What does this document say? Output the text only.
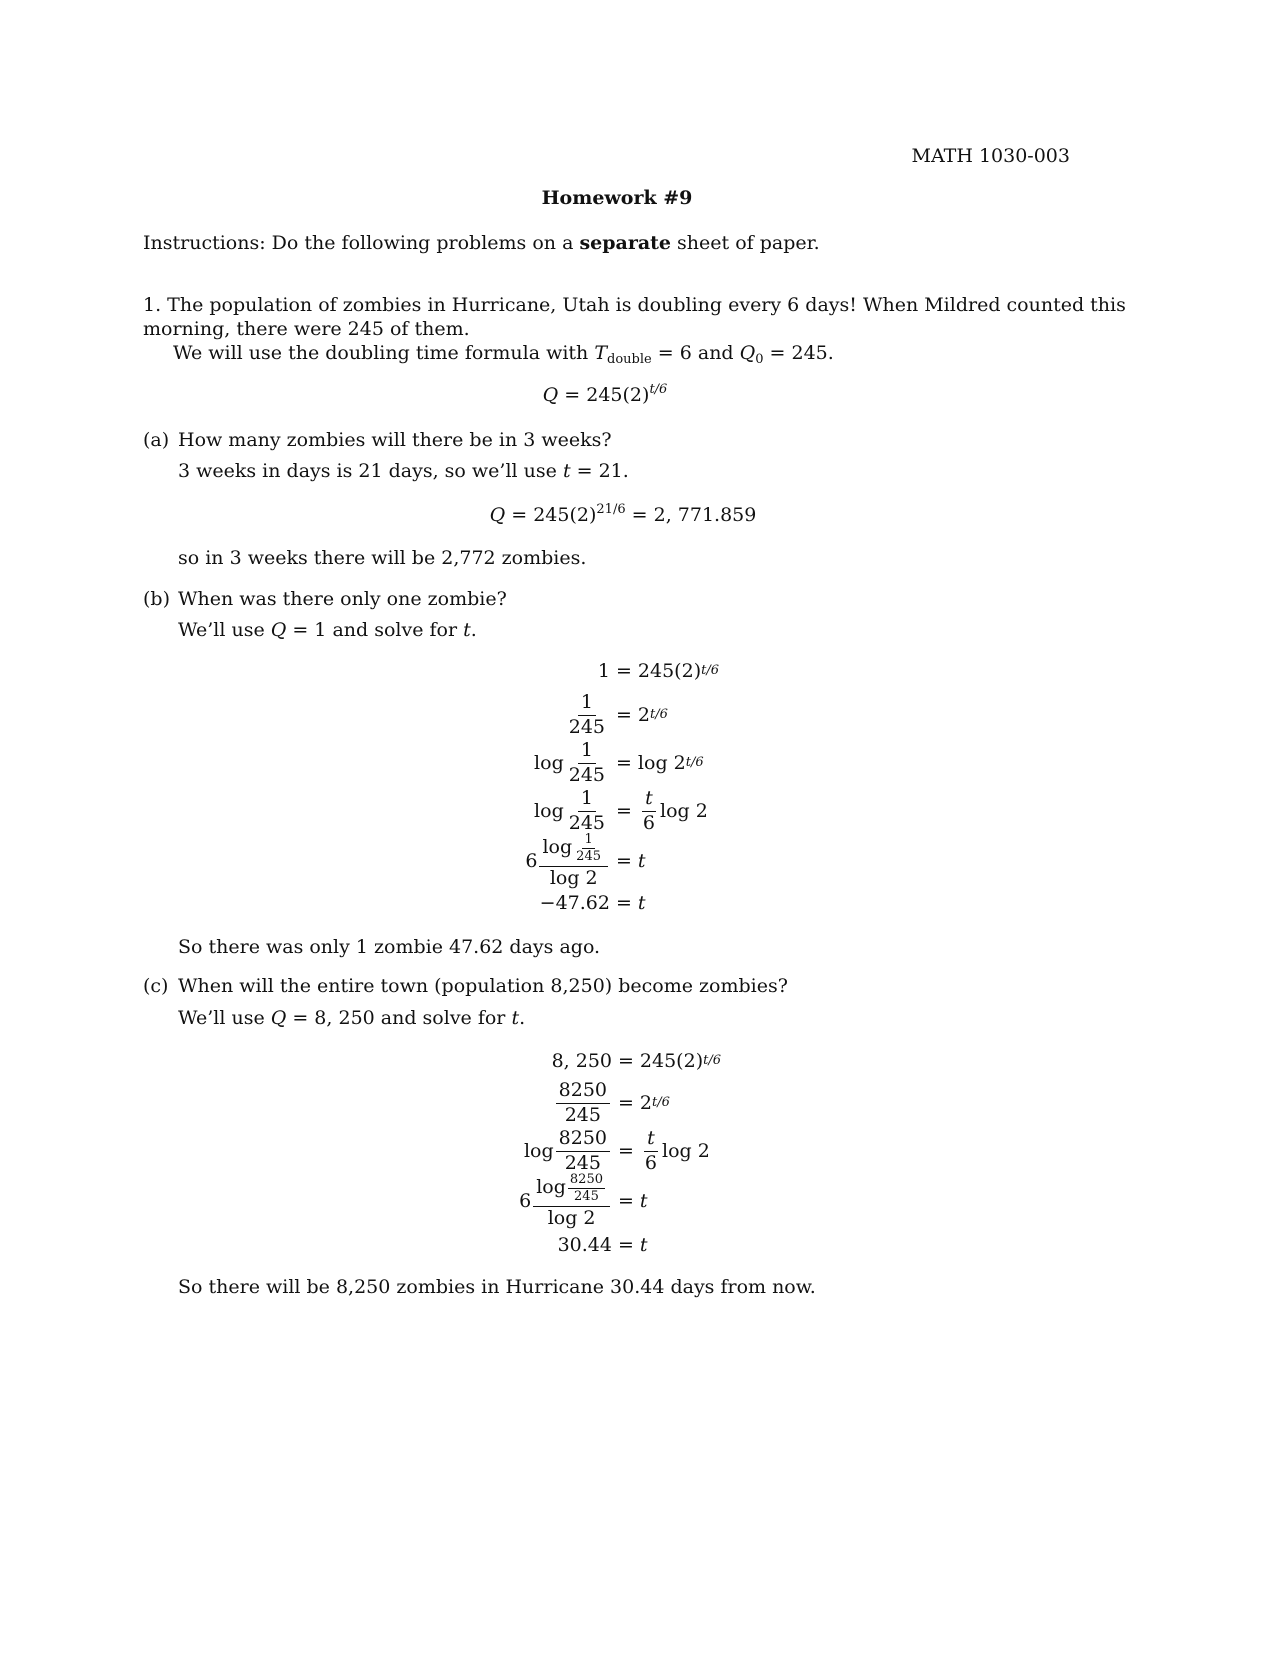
MATH 1030-003
Homework #9
Instructions: Do the following problems on a separate sheet of paper.
1. The population of zombies in Hurricane, Utah is doubling every 6 days! When Mildred counted this
morning, there were 245 of them.
We will use the doubling time formula with $T_{double} = 6$ and $Q_0 = 245$.
$Q = 245(2)^{t/6}$
(a) How many zombies will there be in 3 weeks?
3 weeks in days is 21 days, so we’ll use t = 21.
$Q = 245(2)^{21/6} = 2$, 771.859
so in 3 weeks there will be 2,772 zombies.
(b) When was there only one zombie?
We’ll use Q = 1 and solve for t.
1 = 245(2) t/6
$\frac{1}{245} = 2$ t/6
$\log \frac{1}{245} = \log 2$ t/6
$\log \frac{1}{245} = \frac{t}{6}$ log 2
$6 \frac{\log \frac{1}{245}}{\log 2} = t$
−47.62 = t
So there was only 1 zombie 47.62 days ago.
(c) When will the entire town (population 8,250) become zombies?
We’ll use Q = 8, 250 and solve for t.
8, 250 = 245(2) t/6
$\frac{8250}{245} = 2$ t/6
$\log \frac{8250}{245} = \frac{t}{6}$ log 2
$6 \frac{\log \frac{8250}{245}}{\log 2} = t$
30.44 = t
So there will be 8,250 zombies in Hurricane 30.44 days from now.
